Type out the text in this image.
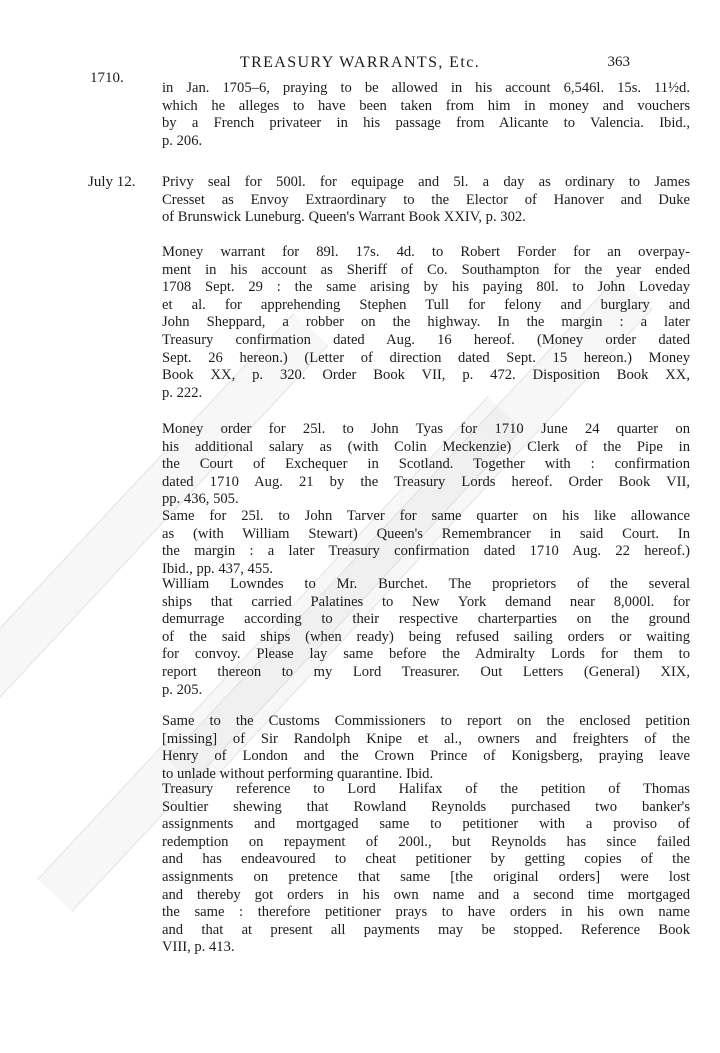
TREASURY WARRANTS, Etc.	363
1710.
July 12.
in Jan. 1705–6, praying to be allowed in his account 6,546l. 15s. 11½d.
which he alleges to have been taken from him in money and vouchers
by a French privateer in his passage from Alicante to Valencia. Ibid.,
p. 206.
Privy seal for 500l. for equipage and 5l. a day as ordinary to James
Cresset as Envoy Extraordinary to the Elector of Hanover and Duke
of Brunswick Luneburg. Queen's Warrant Book XXIV, p. 302.
Money warrant for 89l. 17s. 4d. to Robert Forder for an overpay-
ment in his account as Sheriff of Co. Southampton for the year ended
1708 Sept. 29 : the same arising by his paying 80l. to John Loveday
et al. for apprehending Stephen Tull for felony and burglary and
John Sheppard, a robber on the highway. In the margin : a later
Treasury confirmation dated Aug. 16 hereof. (Money order dated
Sept. 26 hereon.) (Letter of direction dated Sept. 15 hereon.) Money
Book XX, p. 320. Order Book VII, p. 472. Disposition Book XX,
p. 222.
Money order for 25l. to John Tyas for 1710 June 24 quarter on
his additional salary as (with Colin Meckenzie) Clerk of the Pipe in
the Court of Exchequer in Scotland. Together with : confirmation
dated 1710 Aug. 21 by the Treasury Lords hereof. Order Book VII,
pp. 436, 505.
Same for 25l. to John Tarver for same quarter on his like allowance
as (with William Stewart) Queen's Remembrancer in said Court. In
the margin : a later Treasury confirmation dated 1710 Aug. 22 hereof.)
Ibid., pp. 437, 455.
William Lowndes to Mr. Burchet. The proprietors of the several
ships that carried Palatines to New York demand near 8,000l. for
demurrage according to their respective charterparties on the ground
of the said ships (when ready) being refused sailing orders or waiting
for convoy. Please lay same before the Admiralty Lords for them to
report thereon to my Lord Treasurer. Out Letters (General) XIX,
p. 205.
Same to the Customs Commissioners to report on the enclosed petition
[missing] of Sir Randolph Knipe et al., owners and freighters of the
Henry of London and the Crown Prince of Konigsberg, praying leave
to unlade without performing quarantine. Ibid.
Treasury reference to Lord Halifax of the petition of Thomas
Soultier shewing that Rowland Reynolds purchased two banker's
assignments and mortgaged same to petitioner with a proviso of
redemption on repayment of 200l., but Reynolds has since failed
and has endeavoured to cheat petitioner by getting copies of the
assignments on pretence that same [the original orders] were lost
and thereby got orders in his own name and a second time mortgaged
the same : therefore petitioner prays to have orders in his own name
and that at present all payments may be stopped. Reference Book
VIII, p. 413.
